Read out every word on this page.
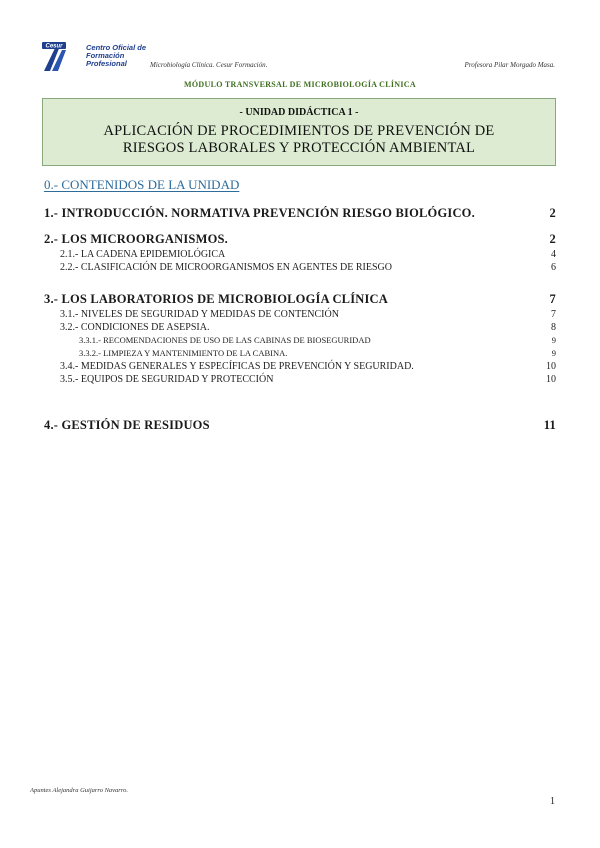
Cesur	Centro Oficial de
Formación Profesional	Microbiología Clínica. Cesur Formación.	Profesora Pilar Morgado Masa.
MÓDULO TRANSVERSAL DE MICROBIOLOGÍA CLÍNICA
- UNIDAD DIDÁCTICA 1 -
APLICACIÓN DE PROCEDIMIENTOS DE PREVENCIÓN DE
RIESGOS LABORALES Y PROTECCIÓN AMBIENTAL
0.- CONTENIDOS DE LA UNIDAD
1.- INTRODUCCIÓN. NORMATIVA PREVENCIÓN RIESGO BIOLÓGICO.	2
2.- LOS MICROORGANISMOS.	2
2.1.- LA CADENA EPIDEMIOLÓGICA	4
2.2.- CLASIFICACIÓN DE MICROORGANISMOS EN AGENTES DE RIESGO	6
3.- LOS LABORATORIOS DE MICROBIOLOGÍA CLÍNICA	7
3.1.- NIVELES DE SEGURIDAD Y MEDIDAS DE CONTENCIÓN	7
3.2.- CONDICIONES DE ASEPSIA.	8
3.3.1.- RECOMENDACIONES DE USO DE LAS CABINAS DE BIOSEGURIDAD	9
3.3.2.- LIMPIEZA Y MANTENIMIENTO DE LA CABINA.	9
3.4.- MEDIDAS GENERALES Y ESPECÍFICAS DE PREVENCIÓN Y SEGURIDAD.	10
3.5.- EQUIPOS DE SEGURIDAD Y PROTECCIÓN	10
4.- GESTIÓN DE RESIDUOS	11
Apuntes Alejandra Guijarro Navarro.
1
